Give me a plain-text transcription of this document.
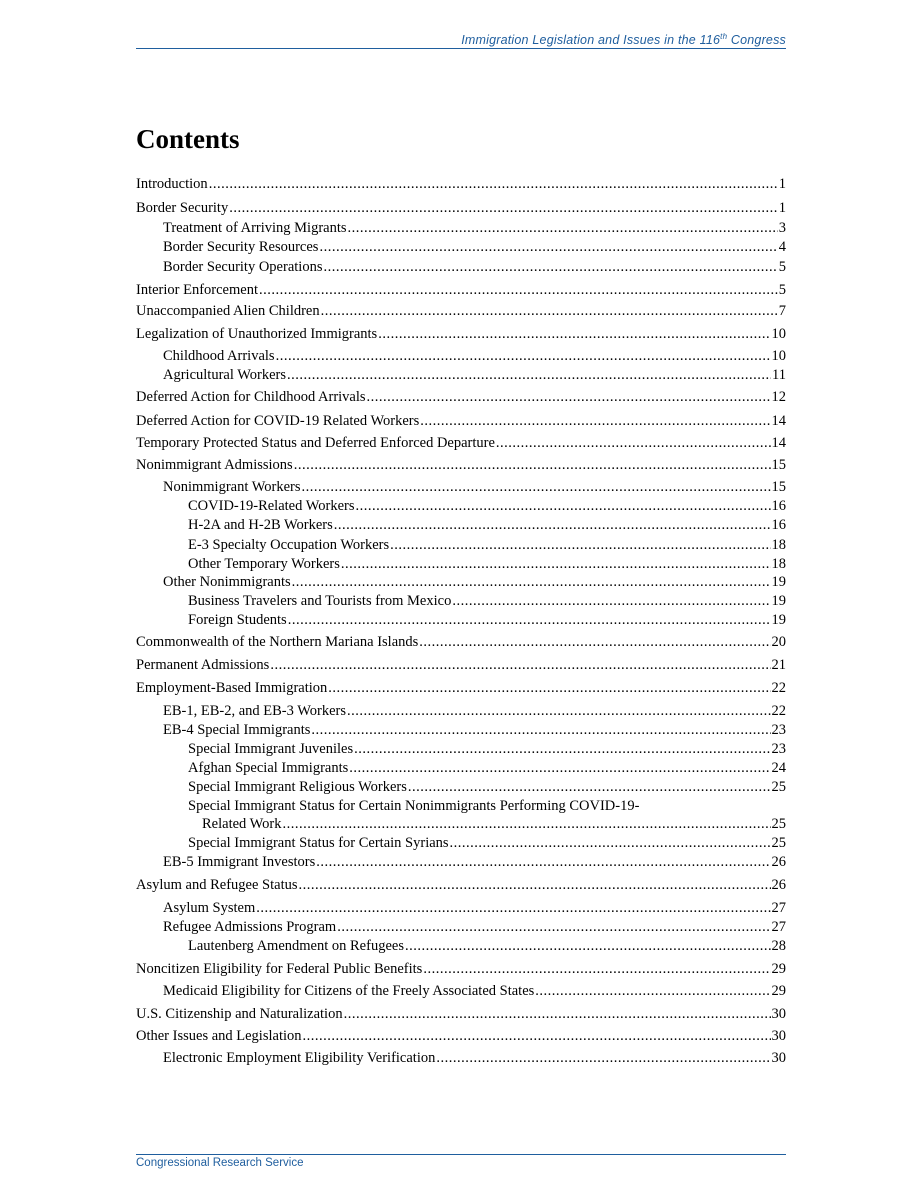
Immigration Legislation and Issues in the 116th Congress
Contents
Introduction .....	1
Border Security .....	1
Treatment of Arriving Migrants .....	3
Border Security Resources .....	4
Border Security Operations .....	5
Interior Enforcement .....	5
Unaccompanied Alien Children .....	7
Legalization of Unauthorized Immigrants .....	10
Childhood Arrivals .....	10
Agricultural Workers .....	11
Deferred Action for Childhood Arrivals .....	12
Deferred Action for COVID-19 Related Workers .....	14
Temporary Protected Status and Deferred Enforced Departure .....	14
Nonimmigrant Admissions .....	15
Nonimmigrant Workers .....	15
COVID-19-Related Workers .....	16
H-2A and H-2B Workers .....	16
E-3 Specialty Occupation Workers .....	18
Other Temporary Workers .....	18
Other Nonimmigrants .....	19
Business Travelers and Tourists from Mexico .....	19
Foreign Students .....	19
Commonwealth of the Northern Mariana Islands .....	20
Permanent Admissions .....	21
Employment-Based Immigration .....	22
EB-1, EB-2, and EB-3 Workers .....	22
EB-4 Special Immigrants .....	23
Special Immigrant Juveniles .....	23
Afghan Special Immigrants .....	24
Special Immigrant Religious Workers .....	25
Special Immigrant Status for Certain Nonimmigrants Performing COVID-19-
Related Work .....	25
Special Immigrant Status for Certain Syrians .....	25
EB-5 Immigrant Investors .....	26
Asylum and Refugee Status .....	26
Asylum System .....	27
Refugee Admissions Program .....	27
Lautenberg Amendment on Refugees .....	28
Noncitizen Eligibility for Federal Public Benefits .....	29
Medicaid Eligibility for Citizens of the Freely Associated States .....	29
U.S. Citizenship and Naturalization .....	30
Other Issues and Legislation .....	30
Electronic Employment Eligibility Verification .....	30
Congressional Research Service
